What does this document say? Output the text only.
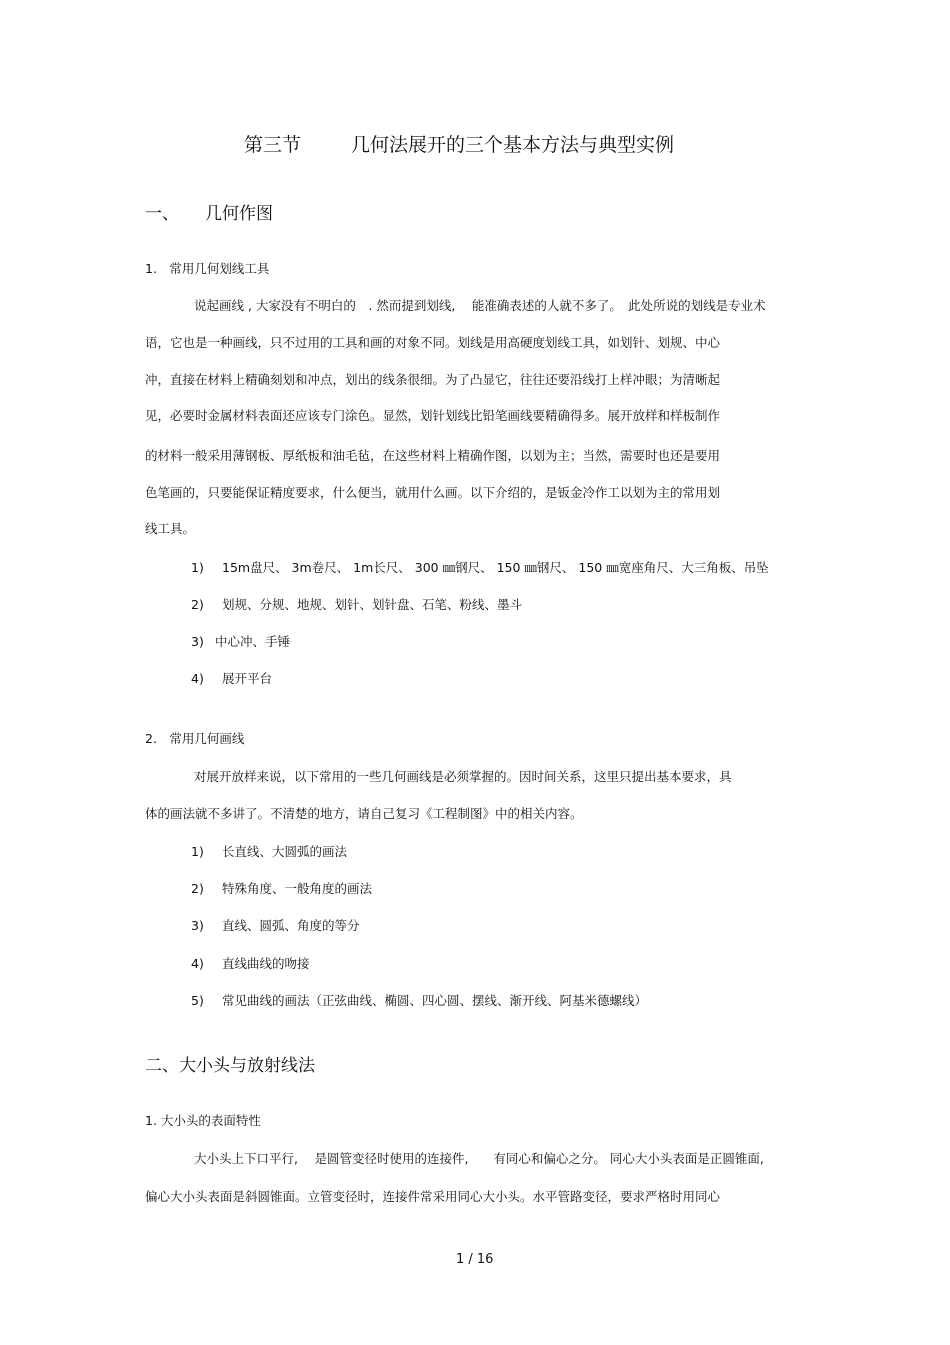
第三节	几何法展开的三个基本方法与典型实例
一、 几何作图
1.　常用几何划线工具
说起画线 , 大家没有不明白的　. 然而提到划线,　 能准确表述的人就不多了。　此处所说的划线是专业术
语，它也是一种画线，只不过用的工具和画的对象不同。划线是用高硬度划线工具，如划针、划规、中心
冲，直接在材料上精确刻划和冲点，划出的线条很细。为了凸显它，往往还要沿线打上样冲眼；为清晰起
见，必要时金属材料表面还应该专门涂色。显然，划针划线比铅笔画线要精确得多。展开放样和样板制作
的材料一般采用薄钢板、厚纸板和油毛毡，在这些材料上精确作图，以划为主；当然，需要时也还是要用
色笔画的，只要能保证精度要求，什么便当，就用什么画。以下介绍的，是钣金冷作工以划为主的常用划
线工具。
1) 15m盘尺、 3m卷尺、 1m长尺、 300 ㎜钢尺、 150 ㎜钢尺、 150 ㎜宽座角尺、大三角板、吊坠
2) 划规、分规、地规、划针、划针盘、石笔、粉线、墨斗
3) 中心冲、手锤
4) 展开平台
2.　常用几何画线
对展开放样来说，以下常用的一些几何画线是必须掌握的。因时间关系，这里只提出基本要求，具
体的画法就不多讲了。不清楚的地方，请自己复习《工程制图》中的相关内容。
1) 长直线、大圆弧的画法
2) 特殊角度、一般角度的画法
3) 直线、圆弧、角度的等分
4) 直线曲线的吻接
5) 常见曲线的画法（正弦曲线、椭圆、四心圆、摆线、渐开线、阿基米德螺线）
二、大小头与放射线法
1. 大小头的表面特性
大小头上下口平行,　 是圆管变径时使用的连接件,　　有同心和偏心之分。 同心大小头表面是正圆锥面,
偏心大小头表面是斜圆锥面。立管变径时，连接件常采用同心大小头。水平管路变径，要求严格时用同心
1 / 16
